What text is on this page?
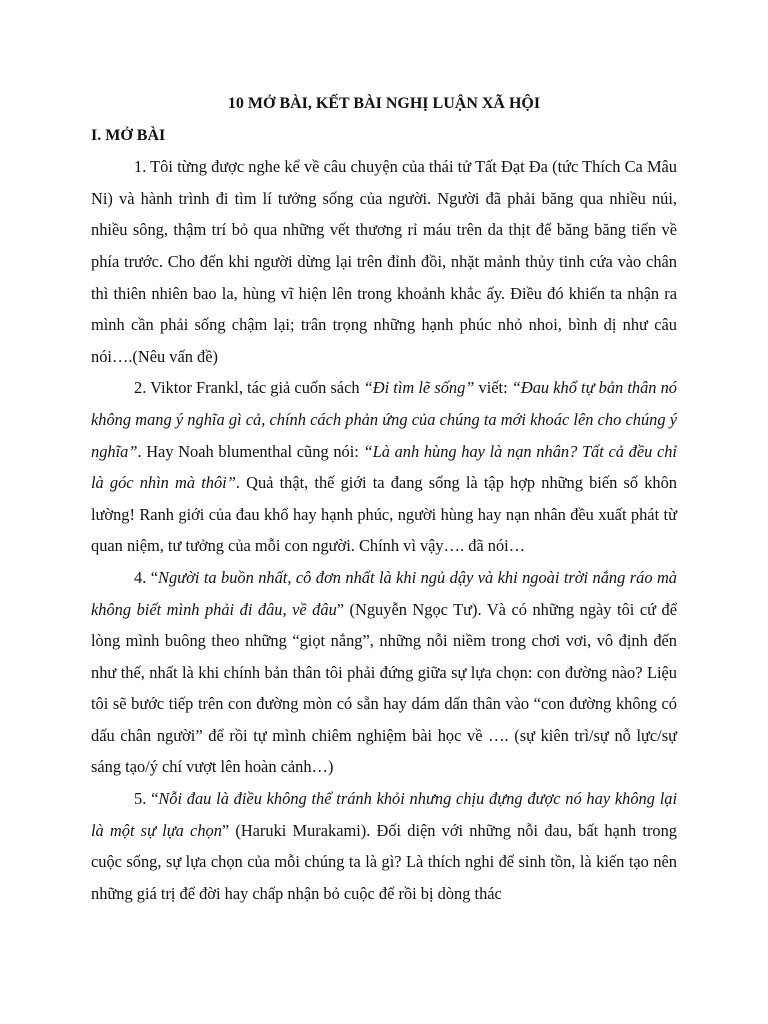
10 MỞ BÀI, KẾT BÀI NGHỊ LUẬN XÃ HỘI

I. MỞ BÀI

1. Tôi từng được nghe kể về câu chuyện của thái tử Tất Đạt Đa (tức Thích Ca Mâu Ni) và hành trình đi tìm lí tưởng sống của người. Người đã phải băng qua nhiều núi, nhiều sông, thậm trí bỏ qua những vết thương rỉ máu trên da thịt để băng băng tiến về phía trước. Cho đến khi người dừng lại trên đỉnh đồi, nhặt mảnh thủy tinh cứa vào chân thì thiên nhiên bao la, hùng vĩ hiện lên trong khoảnh khắc ấy. Điều đó khiến ta nhận ra mình cần phải sống chậm lại; trân trọng những hạnh phúc nhỏ nhoi, bình dị như câu nói….(Nêu vấn đề)

2. Viktor Frankl, tác giả cuốn sách “Đi tìm lẽ sống” viết: “Đau khổ tự bản thân nó không mang ý nghĩa gì cả, chính cách phản ứng của chúng ta mới khoác lên cho chúng ý nghĩa”. Hay Noah blumenthal cũng nói: “Là anh hùng hay là nạn nhân? Tất cả đều chỉ là góc nhìn mà thôi”. Quả thật, thế giới ta đang sống là tập hợp những biến số khôn lường! Ranh giới của đau khổ hay hạnh phúc, người hùng hay nạn nhân đều xuất phát từ quan niệm, tư tưởng của mỗi con người. Chính vì vậy…. đã nói…

4. “Người ta buồn nhất, cô đơn nhất là khi ngủ dậy và khi ngoài trời nắng ráo mà không biết mình phải đi đâu, về đâu” (Nguyễn Ngọc Tư). Và có những ngày tôi cứ để lòng mình buông theo những “giọt nắng”, những nỗi niềm trong chơi vơi, vô định đến như thế, nhất là khi chính bản thân tôi phải đứng giữa sự lựa chọn: con đường nào? Liệu tôi sẽ bước tiếp trên con đường mòn có sẵn hay dám dấn thân vào “con đường không có dấu chân người” để rồi tự mình chiêm nghiệm bài học về …. (sự kiên trì/sự nỗ lực/sự sáng tạo/ý chí vượt lên hoàn cảnh…)

5. “Nỗi đau là điều không thể tránh khỏi nhưng chịu đựng được nó hay không lại là một sự lựa chọn” (Haruki Murakami). Đối diện với những nỗi đau, bất hạnh trong cuộc sống, sự lựa chọn của mỗi chúng ta là gì? Là thích nghi để sinh tồn, là kiến tạo nên những giá trị để đời hay chấp nhận bỏ cuộc để rồi bị dòng thác
